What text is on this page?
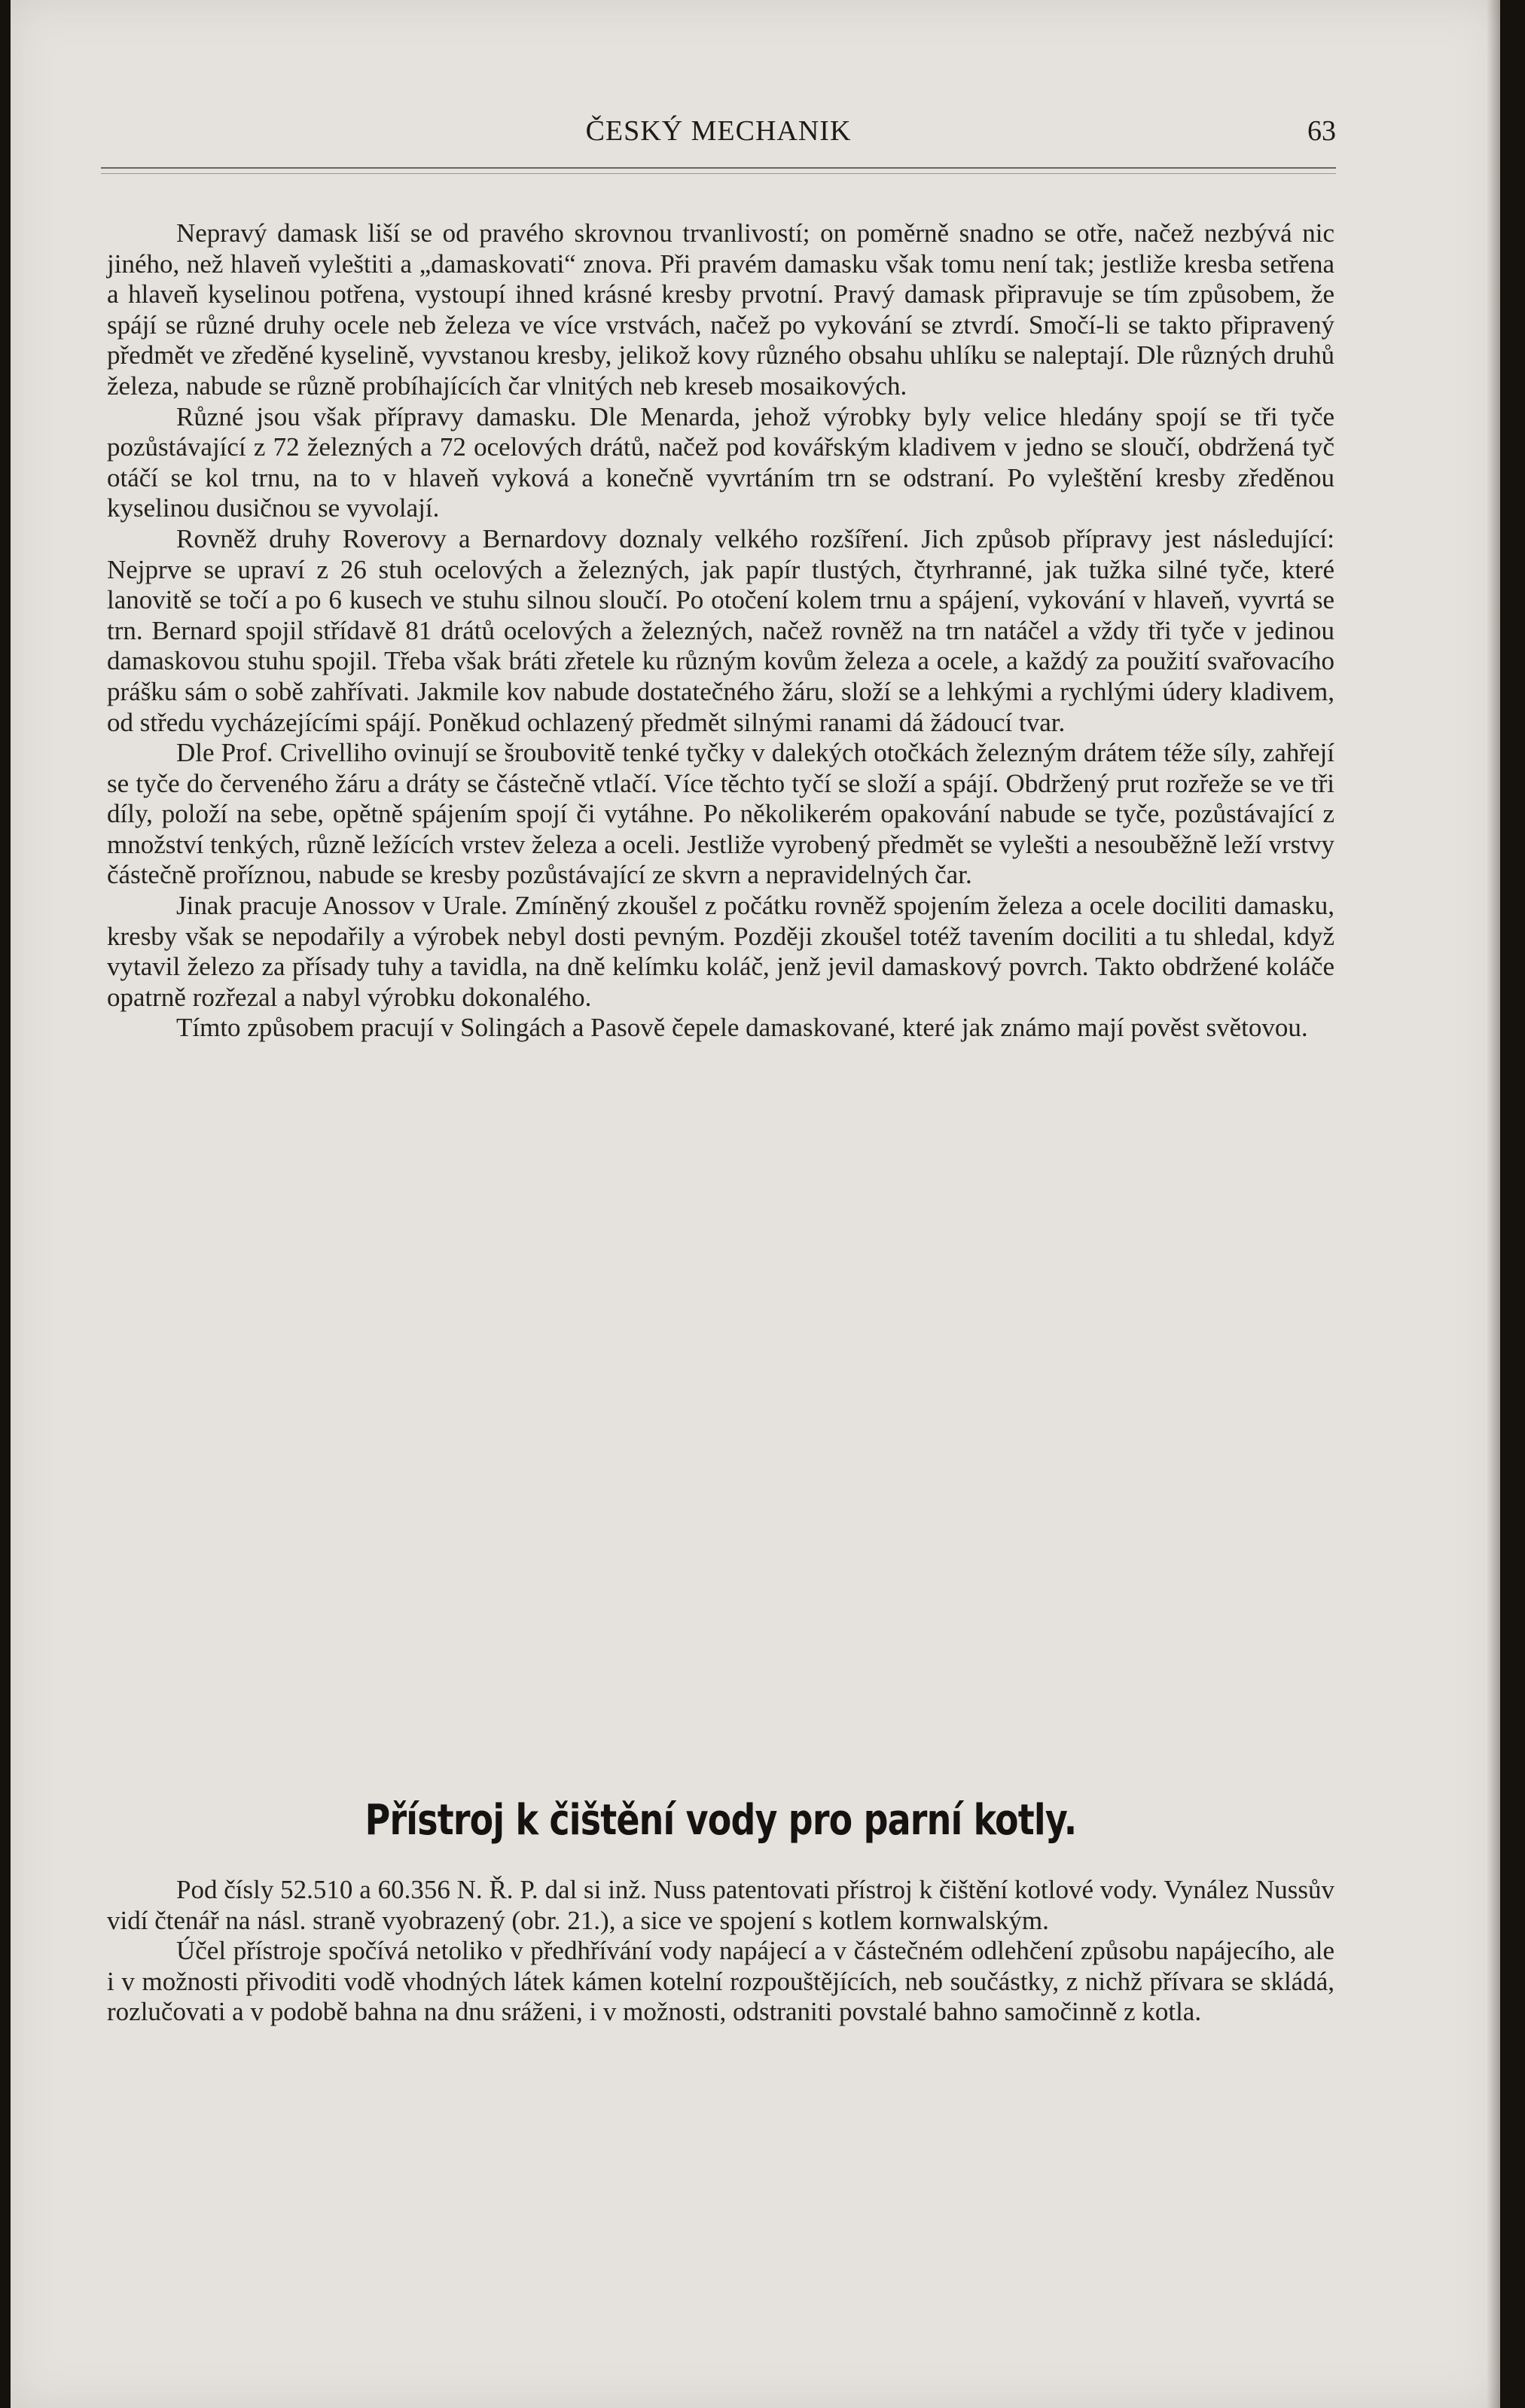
ČESKÝ MECHANIK	63

Nepravý damask liší se od pravého skrovnou trvanlivostí; on poměrně snadno se otře, načež nezbývá nic jiného, než hlaveň vyleštiti a „damaskovati“ znova. Při pravém damasku však tomu není tak; jestliže kresba setřena a hlaveň kyselinou potřena, vystoupí ihned krásné kresby prvotní. Pravý damask připravuje se tím způsobem, že spájí se různé druhy ocele neb železa ve více vrstvách, načež po vykování se ztvrdí. Smočí-li se takto připravený předmět ve zředěné kyselině, vyvstanou kresby, jelikož kovy různého obsahu uhlíku se naleptají. Dle různých druhů železa, nabude se různě probíhajících čar vlnitých neb kreseb mosaikových.

Různé jsou však přípravy damasku. Dle Menarda, jehož výrobky byly velice hledány spojí se tři tyče pozůstávající z 72 železných a 72 ocelových drátů, načež pod kovářským kladivem v jedno se sloučí, obdržená tyč otáčí se kol trnu, na to v hlaveň vyková a konečně vyvrtáním trn se odstraní. Po vyleštění kresby zředěnou kyselinou dusičnou se vyvolají.

Rovněž druhy Roverovy a Bernardovy doznaly velkého rozšíření. Jich způsob přípravy jest následující: Nejprve se upraví z 26 stuh ocelových a železných, jak papír tlustých, čtyrhranné, jak tužka silné tyče, které lanovitě se točí a po 6 kusech ve stuhu silnou sloučí. Po otočení kolem trnu a spájení, vykování v hlaveň, vyvrtá se trn. Bernard spojil střídavě 81 drátů ocelových a železných, načež rovněž na trn natáčel a vždy tři tyče v jedinou damaskovou stuhu spojil. Třeba však bráti zřetele ku různým kovům železa a ocele, a každý za použití svařovacího prášku sám o sobě zahřívati. Jakmile kov nabude dostatečného žáru, složí se a lehkými a rychlými údery kladivem, od středu vycházejícími spájí. Poněkud ochlazený předmět silnými ranami dá žádoucí tvar.

Dle Prof. Crivelliho ovinují se šroubovitě tenké tyčky v dalekých otočkách železným drátem téže síly, zahřejí se tyče do červeného žáru a dráty se částečně vtlačí. Více těchto tyčí se složí a spájí. Obdržený prut rozřeže se ve tři díly, položí na sebe, opětně spájením spojí či vytáhne. Po několikerém opakování nabude se tyče, pozůstávající z množství tenkých, různě ležících vrstev železa a oceli. Jestliže vyrobený předmět se vylešti a nesouběžně leží vrstvy částečně proříznou, nabude se kresby pozůstávající ze skvrn a nepravidelných čar.

Jinak pracuje Anossov v Urale. Zmíněný zkoušel z počátku rovněž spojením železa a ocele dociliti damasku, kresby však se nepodařily a výrobek nebyl dosti pevným. Později zkoušel totéž tavením dociliti a tu shledal, když vytavil železo za přísady tuhy a tavidla, na dně kelímku koláč, jenž jevil damaskový povrch. Takto obdržené koláče opatrně rozřezal a nabyl výrobku dokonalého.

Tímto způsobem pracují v Solingách a Pasově čepele damaskované, které jak známo mají pověst světovou.

Přístroj k čištění vody pro parní kotly.

Pod čísly 52.510 a 60.356 N. Ř. P. dal si inž. Nuss patentovati přístroj k čištění kotlové vody. Vynález Nussův vidí čtenář na násl. straně vyobrazený (obr. 21.), a sice ve spojení s kotlem kornwalským.

Účel přístroje spočívá netoliko v předhřívání vody napájecí a v částečném odlehčení způsobu napájecího, ale i v možnosti přivoditi vodě vhodných látek kámen kotelní rozpouštějících, neb součástky, z nichž přívara se skládá, rozlučovati a v podobě bahna na dnu sráženi, i v možnosti, odstraniti povstalé bahno samočinně z kotla.
